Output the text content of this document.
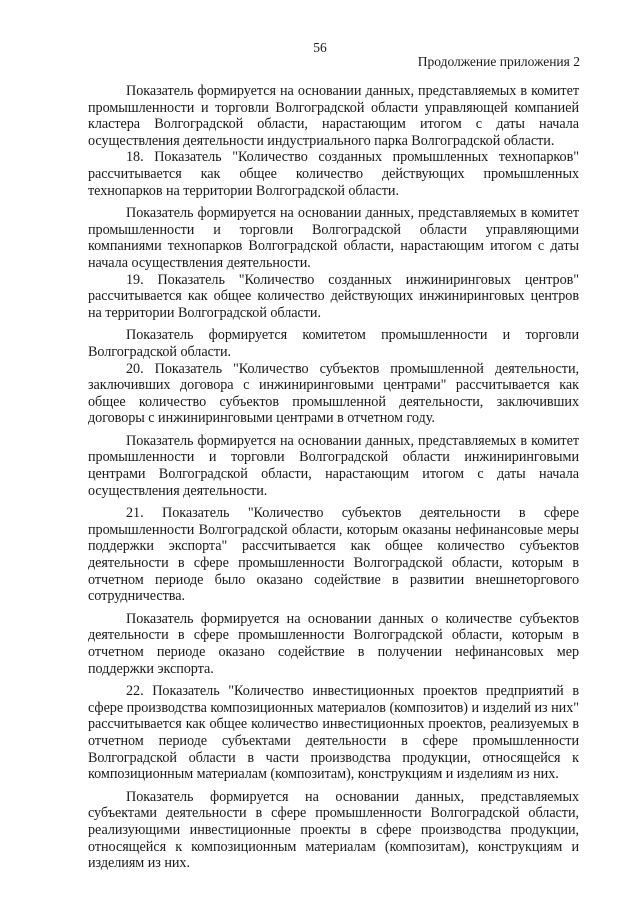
56
Продолжение приложения 2

Показатель формируется на основании данных, представляемых в комитет промышленности и торговли Волгоградской области управляющей компанией кластера Волгоградской области, нарастающим итогом с даты начала осуществления деятельности индустриального парка Волгоградской области.

18. Показатель "Количество созданных промышленных технопарков" рассчитывается как общее количество действующих промышленных технопарков на территории Волгоградской области.

Показатель формируется на основании данных, представляемых в комитет промышленности и торговли Волгоградской области управляющими компаниями технопарков Волгоградской области, нарастающим итогом с даты начала осуществления деятельности.

19. Показатель "Количество созданных инжиниринговых центров" рассчитывается как общее количество действующих инжиниринговых центров на территории Волгоградской области.

Показатель формируется комитетом промышленности и торговли Волгоградской области.

20. Показатель "Количество субъектов промышленной деятельности, заключивших договора с инжиниринговыми центрами" рассчитывается как общее количество субъектов промышленной деятельности, заключивших договоры с инжиниринговыми центрами в отчетном году.

Показатель формируется на основании данных, представляемых в комитет промышленности и торговли Волгоградской области инжиниринговыми центрами Волгоградской области, нарастающим итогом с даты начала осуществления деятельности.

21. Показатель "Количество субъектов деятельности в сфере промышленности Волгоградской области, которым оказаны нефинансовые меры поддержки экспорта" рассчитывается как общее количество субъектов деятельности в сфере промышленности Волгоградской области, которым в отчетном периоде было оказано содействие в развитии внешнеторгового сотрудничества.

Показатель формируется на основании данных о количестве субъектов деятельности в сфере промышленности Волгоградской области, которым в отчетном периоде оказано содействие в получении нефинансовых мер поддержки экспорта.

22. Показатель "Количество инвестиционных проектов предприятий в сфере производства композиционных материалов (композитов) и изделий из них" рассчитывается как общее количество инвестиционных проектов, реализуемых в отчетном периоде субъектами деятельности в сфере промышленности Волгоградской области в части производства продукции, относящейся к композиционным материалам (композитам), конструкциям и изделиям из них.

Показатель формируется на основании данных, представляемых субъектами деятельности в сфере промышленности Волгоградской области, реализующими инвестиционные проекты в сфере производства продукции, относящейся к композиционным материалам (композитам), конструкциям и изделиям из них.
